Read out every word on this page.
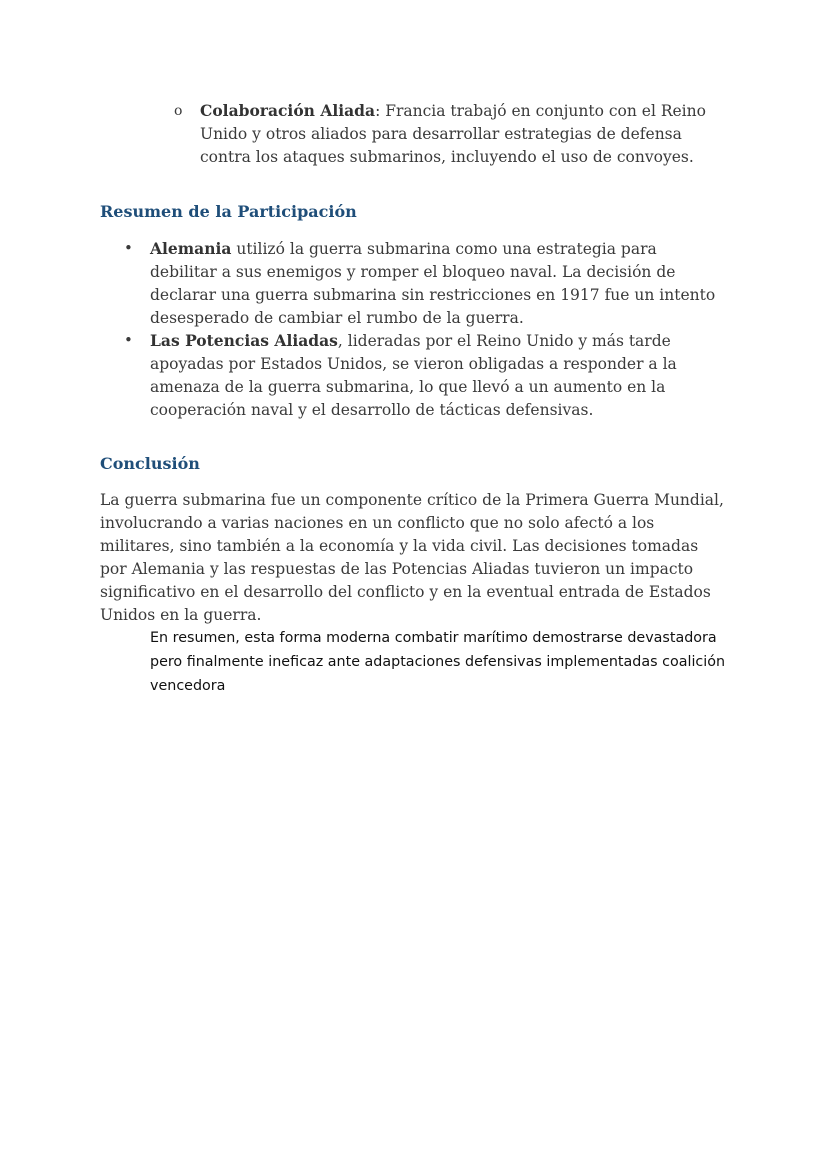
o Colaboración Aliada: Francia trabajó en conjunto con el Reino Unido y otros aliados para desarrollar estrategias de defensa contra los ataques submarinos, incluyendo el uso de convoyes.
Resumen de la Participación
•	Alemania utilizó la guerra submarina como una estrategia para debilitar a sus enemigos y romper el bloqueo naval. La decisión de declarar una guerra submarina sin restricciones en 1917 fue un intento desesperado de cambiar el rumbo de la guerra.
•	Las Potencias Aliadas, lideradas por el Reino Unido y más tarde apoyadas por Estados Unidos, se vieron obligadas a responder a la amenaza de la guerra submarina, lo que llevó a un aumento en la cooperación naval y el desarrollo de tácticas defensivas.
Conclusión
La guerra submarina fue un componente crítico de la Primera Guerra Mundial, involucrando a varias naciones en un conflicto que no solo afectó a los militares, sino también a la economía y la vida civil. Las decisiones tomadas por Alemania y las respuestas de las Potencias Aliadas tuvieron un impacto significativo en el desarrollo del conflicto y en la eventual entrada de Estados Unidos en la guerra.
En resumen, esta forma moderna combatir marítimo demostrarse devastadora pero finalmente ineficaz ante adaptaciones defensivas implementadas coalición vencedora
